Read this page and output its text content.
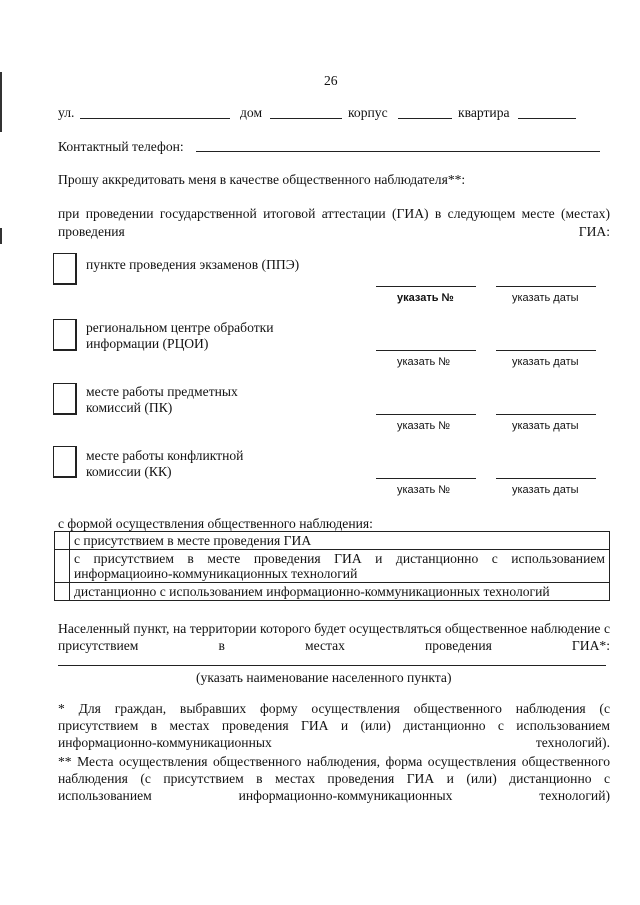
26
ул.	дом	корпус	квартира
Контактный телефон:
Прошу аккредитовать меня в качестве общественного наблюдателя**:
при проведении государственной итоговой аттестации (ГИА) в следующем месте (местах) проведения ГИА:
пункте проведения экзаменов (ППЭ)
указать №	указать даты
региональном центре обработки
информации (РЦОИ)
указать №	указать даты
месте работы предметных
комиссий (ПК)
указать №	указать даты
месте работы конфликтной
комиссии (КК)
указать №	указать даты
с формой осуществления общественного наблюдения:
	с присутствием в месте проведения ГИА
	с присутствием в месте проведения ГИА и дистанционно с использованием информациоино-коммуникационных технологий
	дистанционно с использованием информационно-коммуникационных технологий
Населенный пункт, на территории которого будет осуществляться общественное наблюдение с присутствием в местах проведения ГИА*:
(указать наименование населенного пункта)
* Для граждан, выбравших форму осуществления общественного наблюдения (с присутствием в местах проведения ГИА и (или) дистанционно с использованием информационно-коммуникационных технологий).
** Места осуществления общественного наблюдения, форма осуществления общественного наблюдения (с присутствием в местах проведения ГИА и (или) дистанционно с использованием информационно-коммуникационных технологий)
